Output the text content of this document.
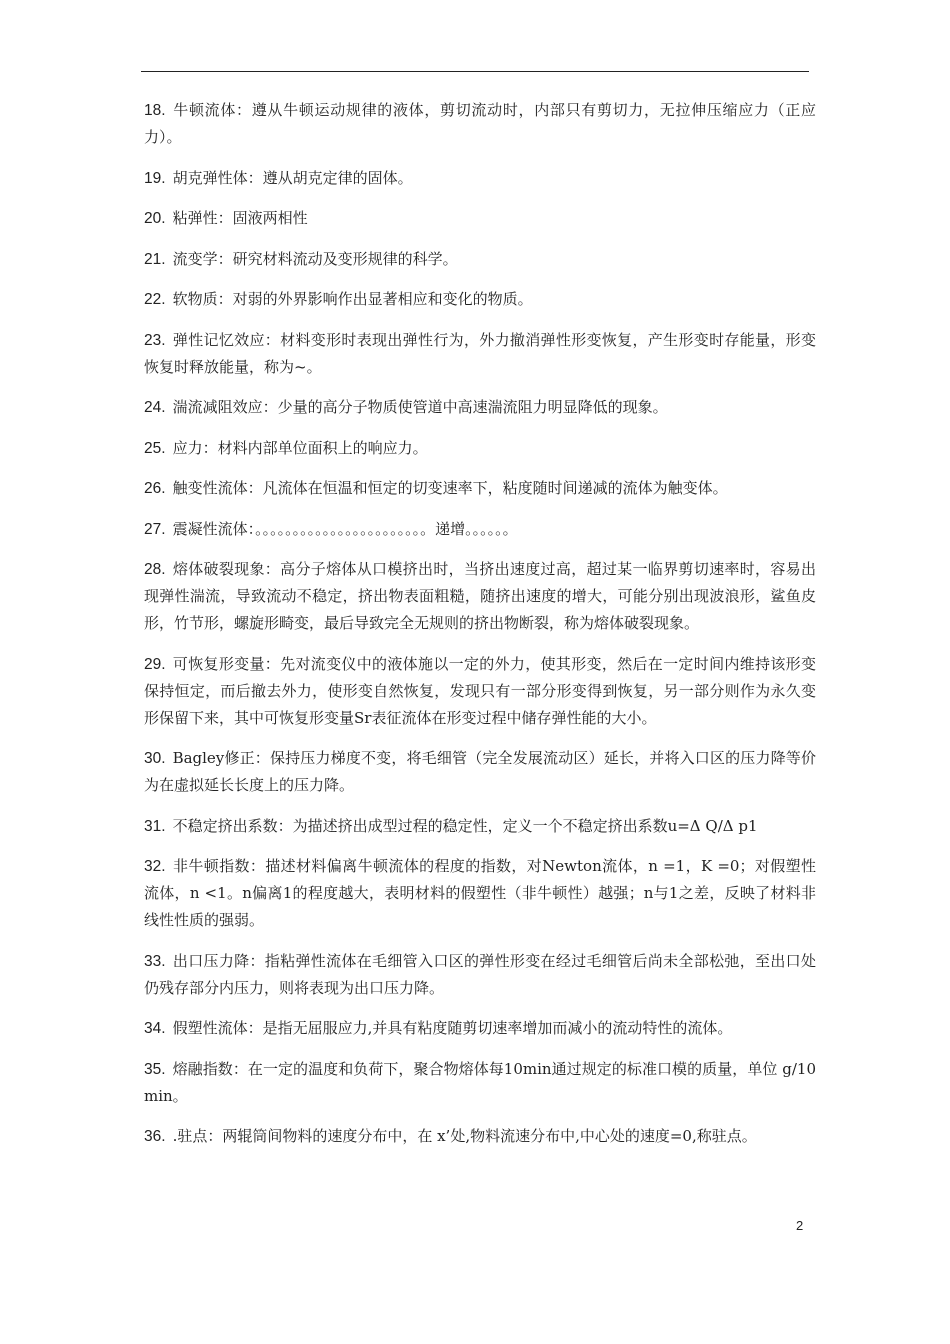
18. 牛顿流体：遵从牛顿运动规律的液体，剪切流动时，内部只有剪切力，无拉伸压缩应力（正应力）。

19. 胡克弹性体：遵从胡克定律的固体。

20. 粘弹性：固液两相性

21. 流变学：研究材料流动及变形规律的科学。

22. 软物质：对弱的外界影响作出显著相应和变化的物质。

23. 弹性记忆效应：材料变形时表现出弹性行为，外力撤消弹性形变恢复，产生形变时存能量，形变恢复时释放能量，称为~。

24. 湍流减阻效应：少量的高分子物质使管道中高速湍流阻力明显降低的现象。

25. 应力：材料内部单位面积上的响应力。

26. 触变性流体：凡流体在恒温和恒定的切变速率下，粘度随时间递减的流体为触变体。

27. 震凝性流体：。。。。。。。。。。。。。。。。。。。。。。。递增。。。。。。

28. 熔体破裂现象：高分子熔体从口模挤出时，当挤出速度过高，超过某一临界剪切速率时，容易出现弹性湍流，导致流动不稳定，挤出物表面粗糙，随挤出速度的增大，可能分别出现波浪形，鲨鱼皮形，竹节形，螺旋形畸变，最后导致完全无规则的挤出物断裂，称为熔体破裂现象。

29. 可恢复形变量：先对流变仪中的液体施以一定的外力，使其形变，然后在一定时间内维持该形变保持恒定，而后撤去外力，使形变自然恢复，发现只有一部分形变得到恢复，另一部分则作为永久变形保留下来，其中可恢复形变量Sr表征流体在形变过程中储存弹性能的大小。

30. Bagley修正：保持压力梯度不变，将毛细管（完全发展流动区）延长，并将入口区的压力降等价为在虚拟延长长度上的压力降。

31. 不稳定挤出系数：为描述挤出成型过程的稳定性，定义一个不稳定挤出系数u=Δ Q/Δ p1

32. 非牛顿指数：描述材料偏离牛顿流体的程度的指数，对Newton流体，n =1，K =0；对假塑性流体，n <1。n偏离1的程度越大，表明材料的假塑性（非牛顿性）越强；n与1之差，反映了材料非线性性质的强弱。

33. 出口压力降：指粘弹性流体在毛细管入口区的弹性形变在经过毛细管后尚未全部松弛，至出口处仍残存部分内压力，则将表现为出口压力降。

34. 假塑性流体：是指无屈服应力,并具有粘度随剪切速率增加而减小的流动特性的流体。

35. 熔融指数：在一定的温度和负荷下，聚合物熔体每10min通过规定的标准口模的质量，单位 g/10min。

36. .驻点：两辊筒间物料的速度分布中，在 x’处,物料流速分布中,中心处的速度=0,称驻点。

2
